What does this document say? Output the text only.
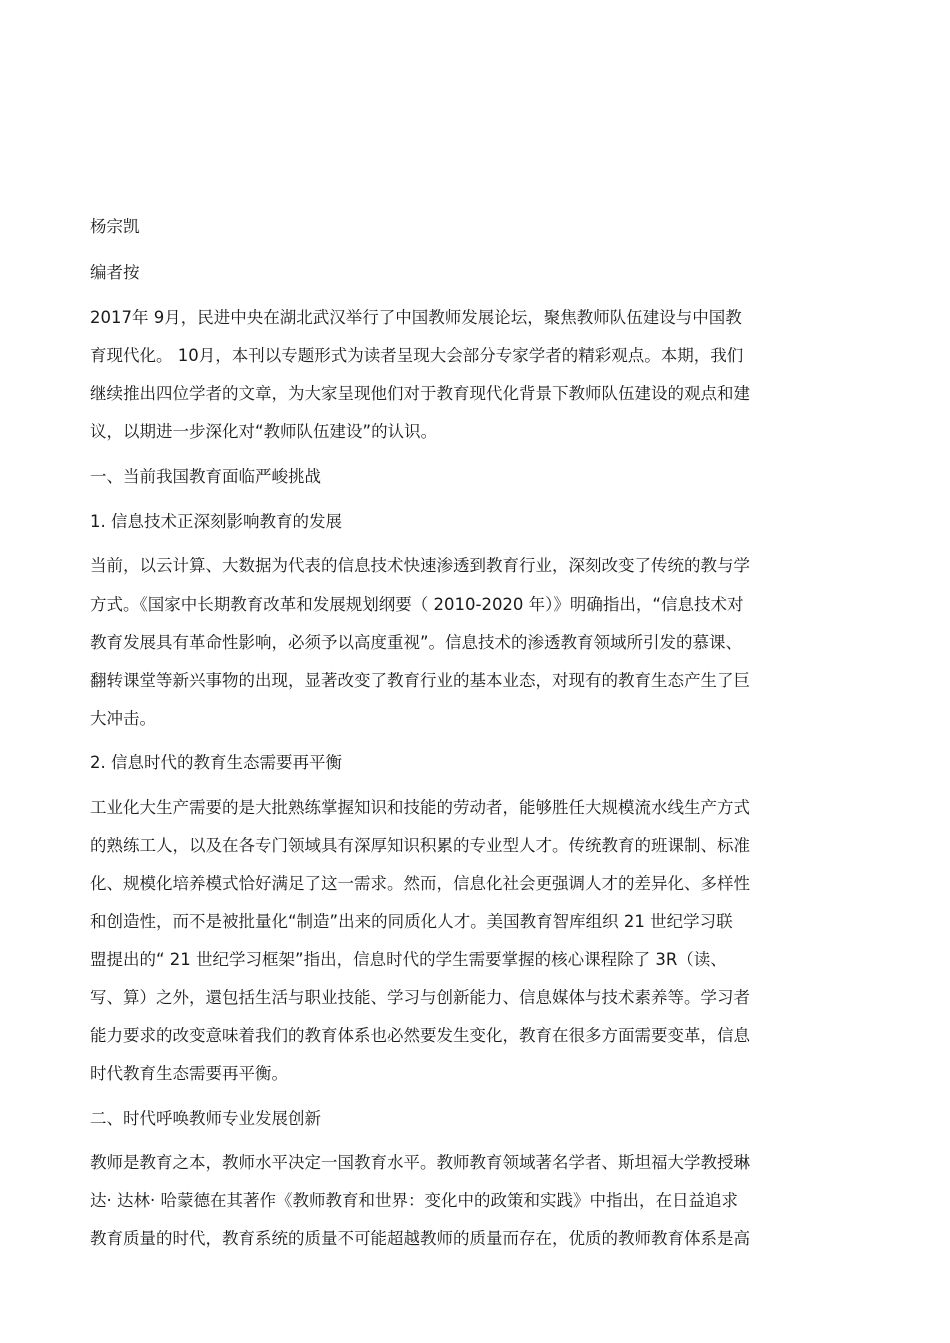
杨宗凯
编者按
2017年 9月，民进中央在湖北武汉举行了中国教师发展论坛，聚焦教师队伍建设与中国教
育现代化。 10月，本刊以专题形式为读者呈现大会部分专家学者的精彩观点。本期，我们
继续推出四位学者的文章，为大家呈现他们对于教育现代化背景下教师队伍建设的观点和建
议，以期进一步深化对“教师队伍建设”的认识。
一、当前我国教育面临严峻挑战
1. 信息技术正深刻影响教育的发展
当前，以云计算、大数据为代表的信息技术快速渗透到教育行业，深刻改变了传统的教与学
方式。《国家中长期教育改革和发展规划纲要（ 2010-2020 年）》明确指出，“信息技术对
教育发展具有革命性影响，必须予以高度重视”。信息技术的渗透教育领域所引发的慕课、
翻转课堂等新兴事物的出现，显著改变了教育行业的基本业态，对现有的教育生态产生了巨
大冲击。
2. 信息时代的教育生态需要再平衡
工业化大生产需要的是大批熟练掌握知识和技能的劳动者，能够胜任大规模流水线生产方式
的熟练工人，以及在各专门领域具有深厚知识积累的专业型人才。传统教育的班课制、标准
化、规模化培养模式恰好满足了这一需求。然而，信息化社会更强调人才的差异化、多样性
和创造性，而不是被批量化“制造”出来的同质化人才。美国教育智库组织 21 世纪学习联
盟提出的“ 21 世纪学习框架”指出，信息时代的学生需要掌握的核心课程除了 3R（读、
写、算）之外，還包括生活与职业技能、学习与创新能力、信息媒体与技术素养等。学习者
能力要求的改变意味着我们的教育体系也必然要发生变化，教育在很多方面需要变革，信息
时代教育生态需要再平衡。
二、时代呼唤教师专业发展创新
教师是教育之本，教师水平决定一国教育水平。教师教育领域著名学者、斯坦福大学教授琳
达· 达林· 哈蒙德在其著作《教师教育和世界：变化中的政策和实践》中指出，在日益追求
教育质量的时代，教育系统的质量不可能超越教师的质量而存在，优质的教师教育体系是高
